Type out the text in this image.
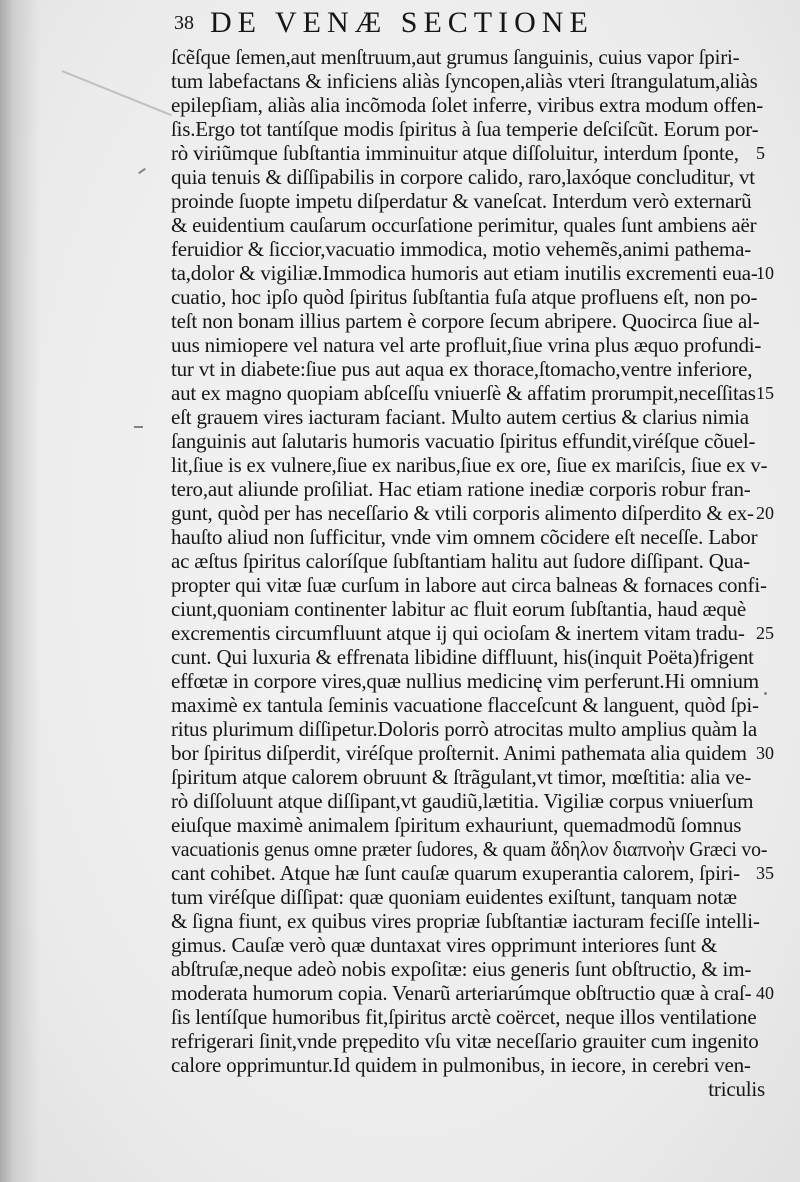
38 DE VENÆ SECTIONE
ſcẽſque ſemen,aut menſtruum,aut grumus ſanguinis, cuius vapor ſpiri-
tum labefactans & inficiens aliàs ſyncopen,aliàs vteri ſtrangulatum,aliàs
epilepſiam, aliàs alia incõmoda ſolet inferre, viribus extra modum offen-
ſis.Ergo tot tantíſque modis ſpiritus à ſua temperie deſciſcũt. Eorum por-
rò viriũmque ſubſtantia imminuitur atque diſſoluitur, interdum ſponte,
quia tenuis & diſſipabilis in corpore calido, raro,laxóque concluditur, vt
proinde ſuopte impetu diſperdatur & vaneſcat. Interdum verò externarũ
& euidentium cauſarum occurſatione perimitur, quales ſunt ambiens aër
feruidior & ſiccior,vacuatio immodica, motio vehemẽs,animi pathema-
ta,dolor & vigiliæ.Immodica humoris aut etiam inutilis excrementi eua-
cuatio, hoc ipſo quòd ſpiritus ſubſtantia fuſa atque profluens eſt, non po-
teſt non bonam illius partem è corpore ſecum abripere. Quocirca ſiue al-
uus nimiopere vel natura vel arte profluit,ſiue vrina plus æquo profundi-
tur vt in diabete:ſiue pus aut aqua ex thorace,ſtomacho,ventre inferiore,
aut ex magno quopiam abſceſſu vniuerſè & affatim prorumpit,neceſſitas
eſt grauem vires iacturam faciant. Multo autem certius & clarius nimia
ſanguinis aut ſalutaris humoris vacuatio ſpiritus effundit,viréſque cõuel-
lit,ſiue is ex vulnere,ſiue ex naribus,ſiue ex ore, ſiue ex mariſcis, ſiue ex v-
tero,aut aliunde proſiliat. Hac etiam ratione inediæ corporis robur fran-
gunt, quòd per has neceſſario & vtili corporis alimento diſperdito & ex-
hauſto aliud non ſufficitur, vnde vim omnem cõcidere eſt neceſſe. Labor
ac æſtus ſpiritus caloríſque ſubſtantiam halitu aut ſudore diſſipant. Qua-
propter qui vitæ ſuæ curſum in labore aut circa balneas & fornaces confi-
ciunt,quoniam continenter labitur ac fluit eorum ſubſtantia, haud æquè
excrementis circumfluunt atque ij qui ocioſam & inertem vitam tradu-
cunt. Qui luxuria & effrenata libidine diffluunt, his(inquit Poëta)frigent
effœtæ in corpore vires,quæ nullius medicinę vim perferunt.Hi omnium
maximè ex tantula ſeminis vacuatione flacceſcunt & languent, quòd ſpi-
ritus plurimum diſſipetur.Doloris porrò atrocitas multo amplius quàm la
bor ſpiritus diſperdit, viréſque proſternit. Animi pathemata alia quidem
ſpiritum atque calorem obruunt & ſtrãgulant,vt timor, mœſtitia: alia ve-
rò diſſoluunt atque diſſipant,vt gaudiũ,lætitia. Vigiliæ corpus vniuerſum
eiuſque maximè animalem ſpiritum exhauriunt, quemadmodũ ſomnus
vacuationis genus omne præter ſudores, & quam ἄδηλον διαπνοὴν Græci vo-
cant cohibet. Atque hæ ſunt cauſæ quarum exuperantia calorem, ſpiri-
tum viréſque diſſipat: quæ quoniam euidentes exiſtunt, tanquam notæ
& ſigna fiunt, ex quibus vires propriæ ſubſtantiæ iacturam feciſſe intelli-
gimus. Cauſæ verò quæ duntaxat vires opprimunt interiores ſunt &
abſtruſæ,neque adeò nobis expoſitæ: eius generis ſunt obſtructio, & im-
moderata humorum copia. Venarũ arteriarúmque obſtructio quæ à craſ-
ſis lentíſque humoribus fit,ſpiritus arctè coërcet, neque illos ventilatione
refrigerari ſinit,vnde prępedito vſu vitæ neceſſario grauiter cum ingenito
calore opprimuntur.Id quidem in pulmonibus, in iecore, in cerebri ven-
triculis
5
10
15
20
25
30
35
40
